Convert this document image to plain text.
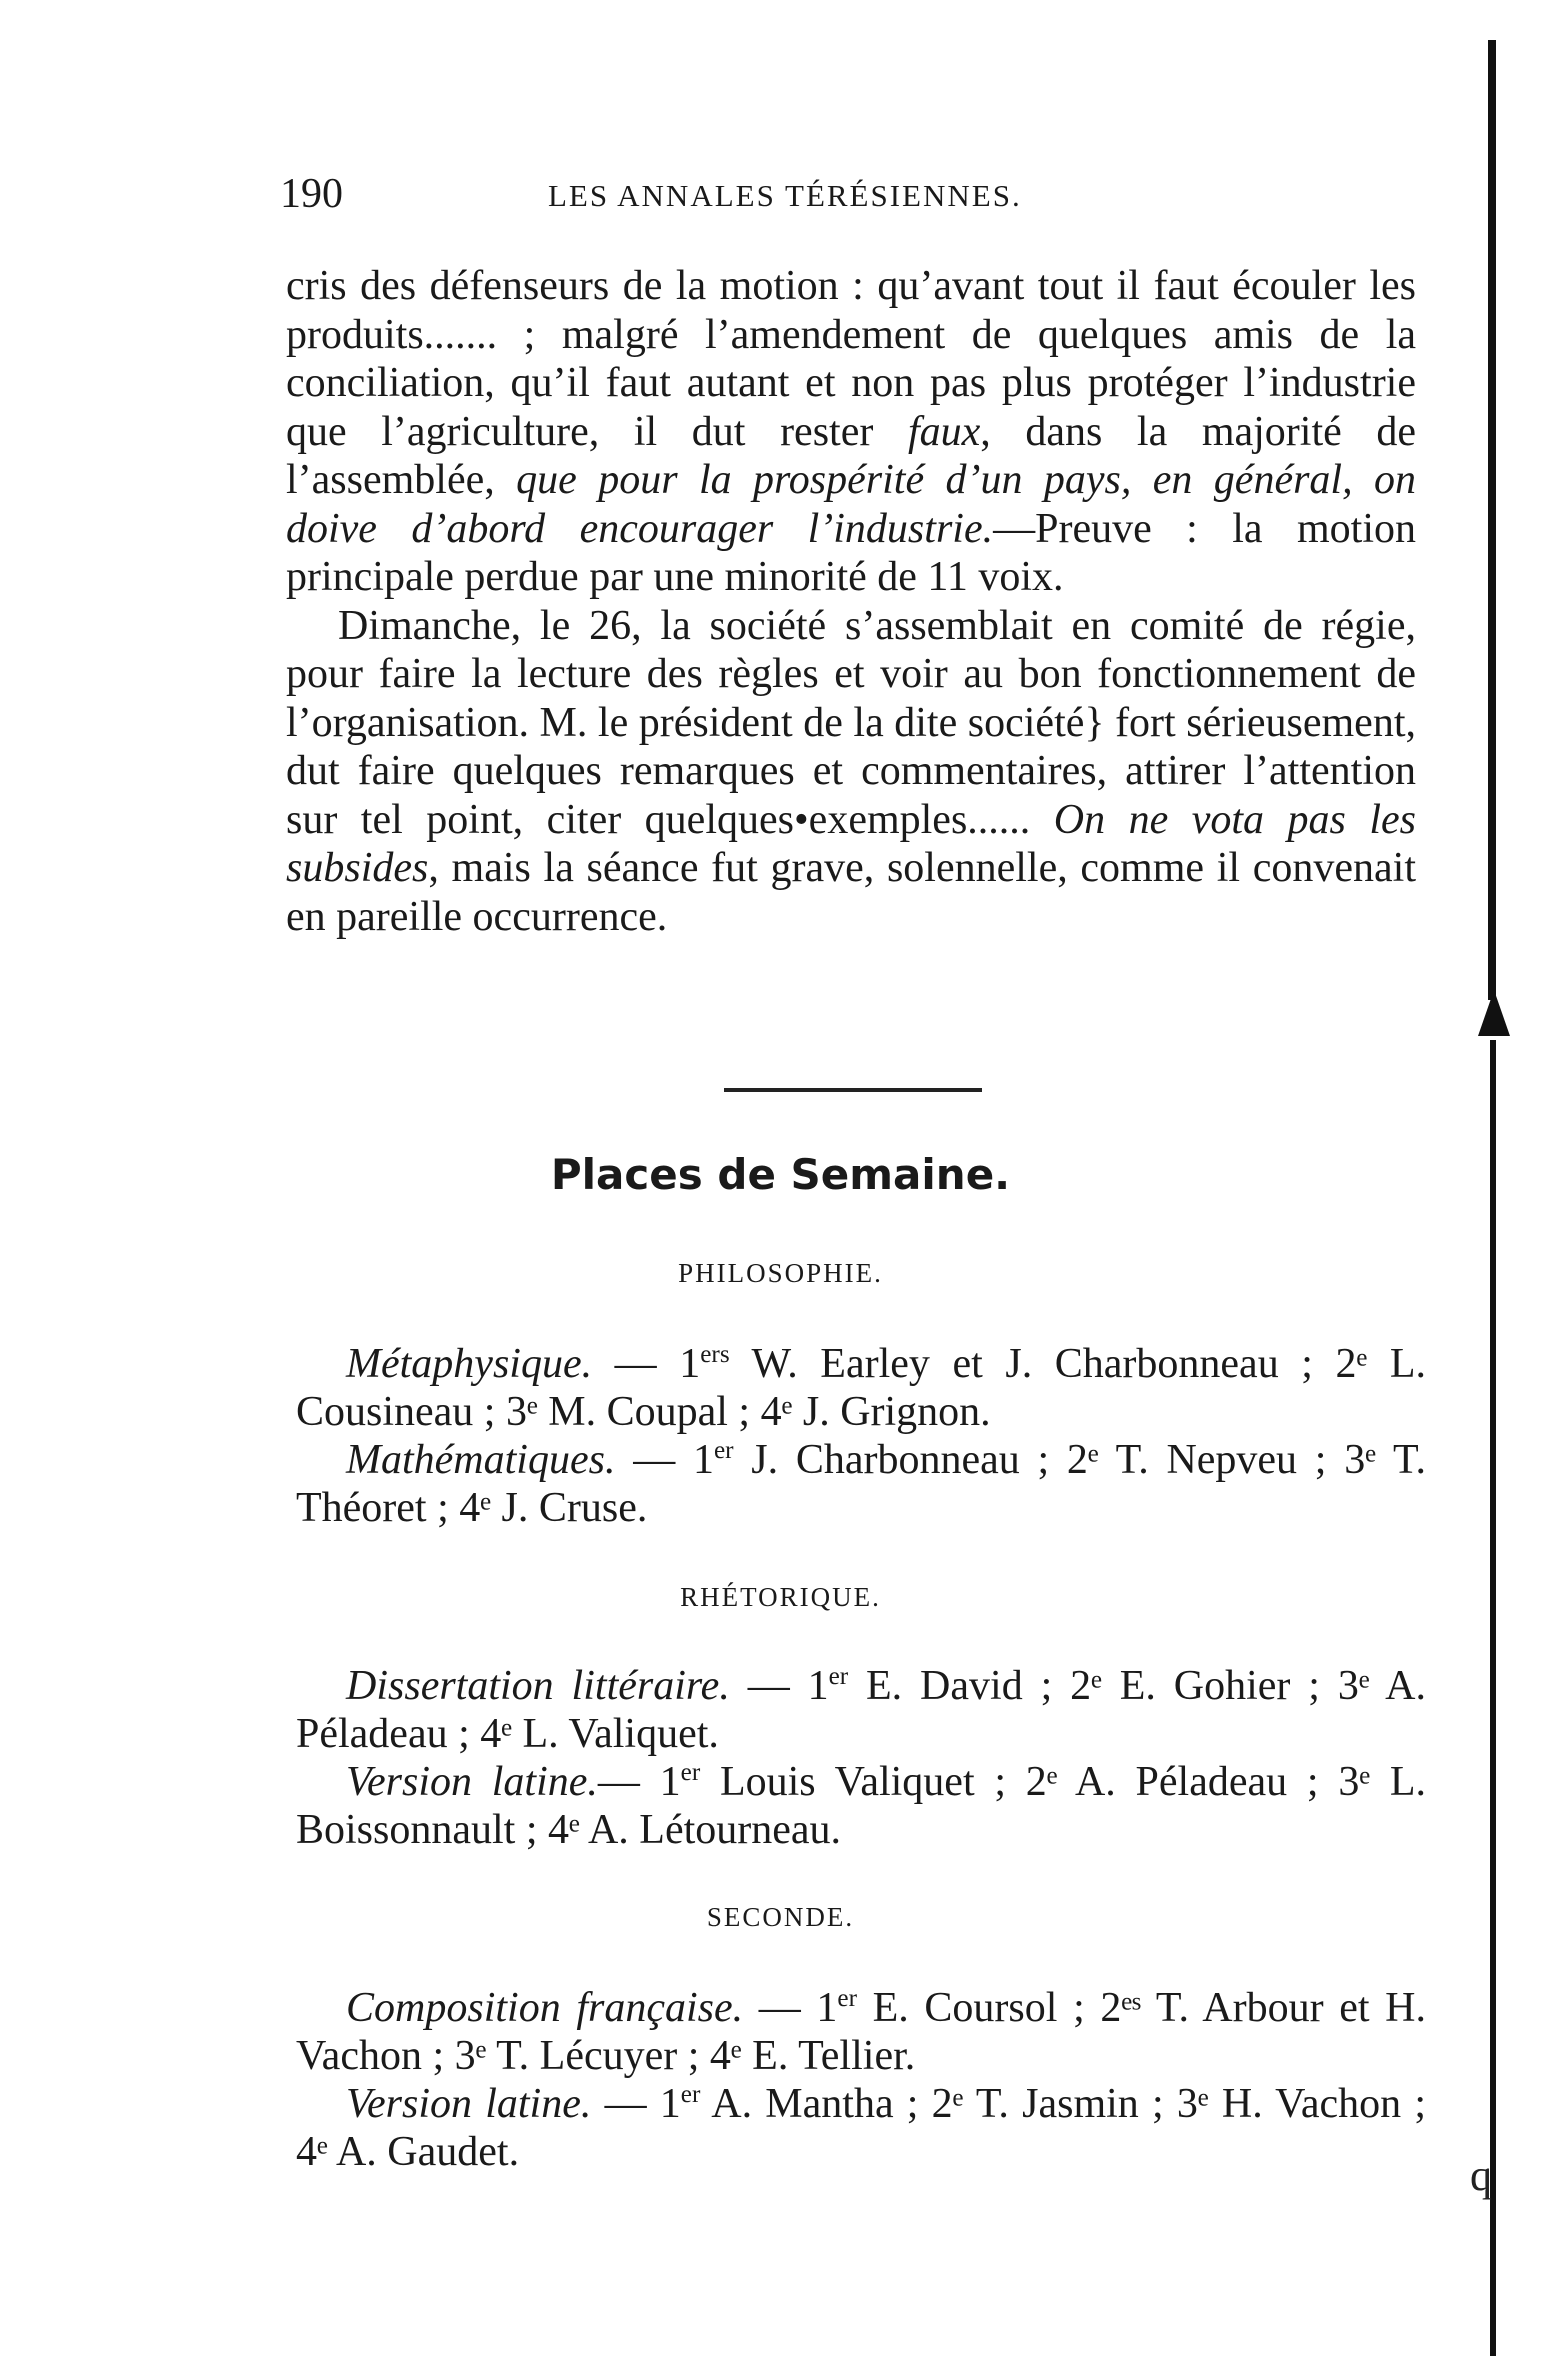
q
190	LES ANNALES TÉRÉSIENNES.

cris des défenseurs de la motion : qu’avant tout il faut écouler les produits....... ; malgré l’amendement de quelques amis de la conciliation, qu’il faut autant et non pas plus protéger l’industrie que l’agriculture, il dut rester faux, dans la majorité de l’assemblée, que pour la prospérité d’un pays, en général, on doive d’abord encourager l’industrie.—Preuve : la motion principale perdue par une minorité de 11 voix.

Dimanche, le 26, la société s’assemblait en comité de régie, pour faire la lecture des règles et voir au bon fonctionnement de l’organisation. M. le président de la dite société} fort sérieusement, dut faire quelques remarques et commentaires, attirer l’attention sur tel point, citer quelques•exemples...... On ne vota pas les subsides, mais la séance fut grave, solennelle, comme il convenait en pareille occurrence.

Places de Semaine.
PHILOSOPHIE.

Métaphysique. — 1ers W. Earley et J. Charbonneau ; 2ᵉ L. Cousineau ; 3ᵉ M. Coupal ; 4ᵉ J. Grignon.

Mathématiques. — 1er J. Charbonneau ; 2ᵉ T. Nepveu ; 3ᵉ T. Théoret ; 4ᵉ J. Cruse.

RHÉTORIQUE.

Dissertation littéraire. — 1er E. David ; 2ᵉ E. Gohier ; 3ᵉ A. Péladeau ; 4ᵉ L. Valiquet.

Version latine.— 1er Louis Valiquet ; 2ᵉ A. Péladeau ; 3ᵉ L. Boissonnault ; 4ᵉ A. Létourneau.

SECONDE.

Composition française. — 1er E. Coursol ; 2ᵉˢ T. Arbour et H. Vachon ; 3ᵉ T. Lécuyer ; 4ᵉ E. Tellier.

Version latine. — 1er A. Mantha ; 2ᵉ T. Jasmin ; 3ᵉ H. Vachon ; 4ᵉ A. Gaudet.
